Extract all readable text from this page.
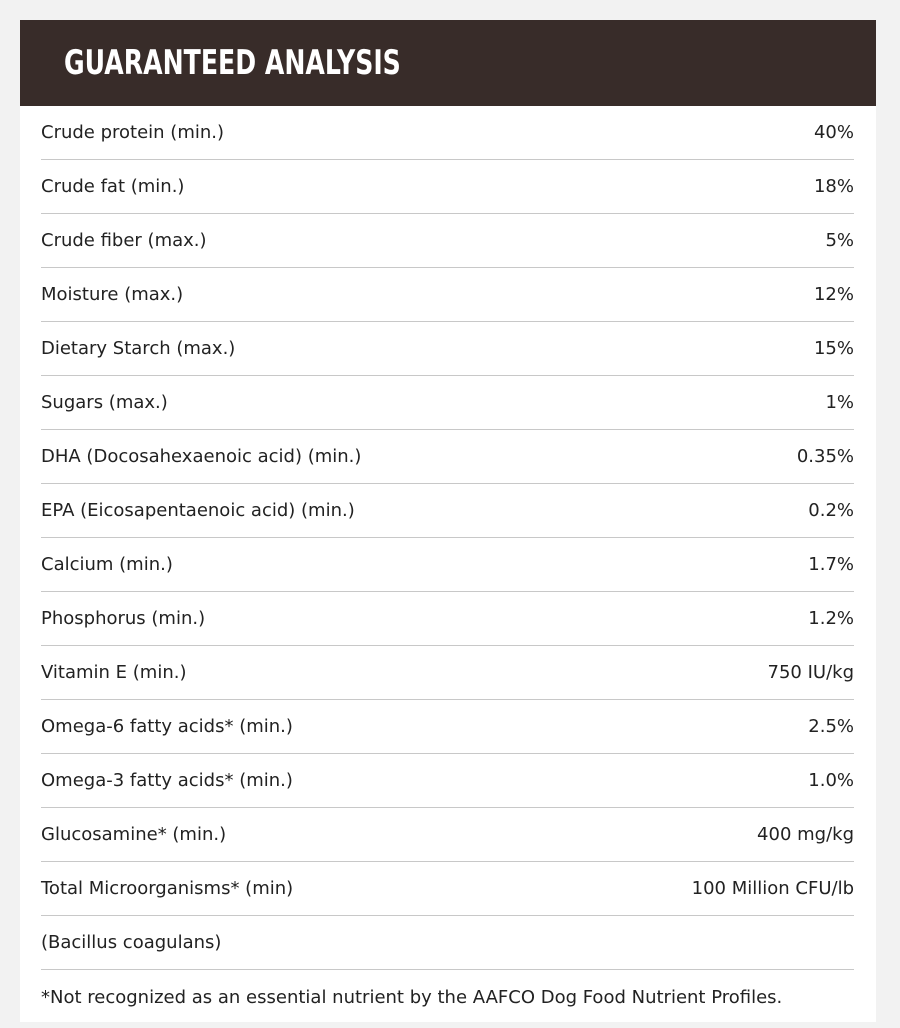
GUARANTEED ANALYSIS
Crude protein (min.)	40%
Crude fat (min.)	18%
Crude fiber (max.)	5%
Moisture (max.)	12%
Dietary Starch (max.)	15%
Sugars (max.)	1%
DHA (Docosahexaenoic acid) (min.)	0.35%
EPA (Eicosapentaenoic acid) (min.)	0.2%
Calcium (min.)	1.7%
Phosphorus (min.)	1.2%
Vitamin E (min.)	750 IU/kg
Omega-6 fatty acids* (min.)	2.5%
Omega-3 fatty acids* (min.)	1.0%
Glucosamine* (min.)	400 mg/kg
Total Microorganisms* (min)	100 Million CFU/lb
(Bacillus coagulans)
*Not recognized as an essential nutrient by the AAFCO Dog Food Nutrient Profiles.
